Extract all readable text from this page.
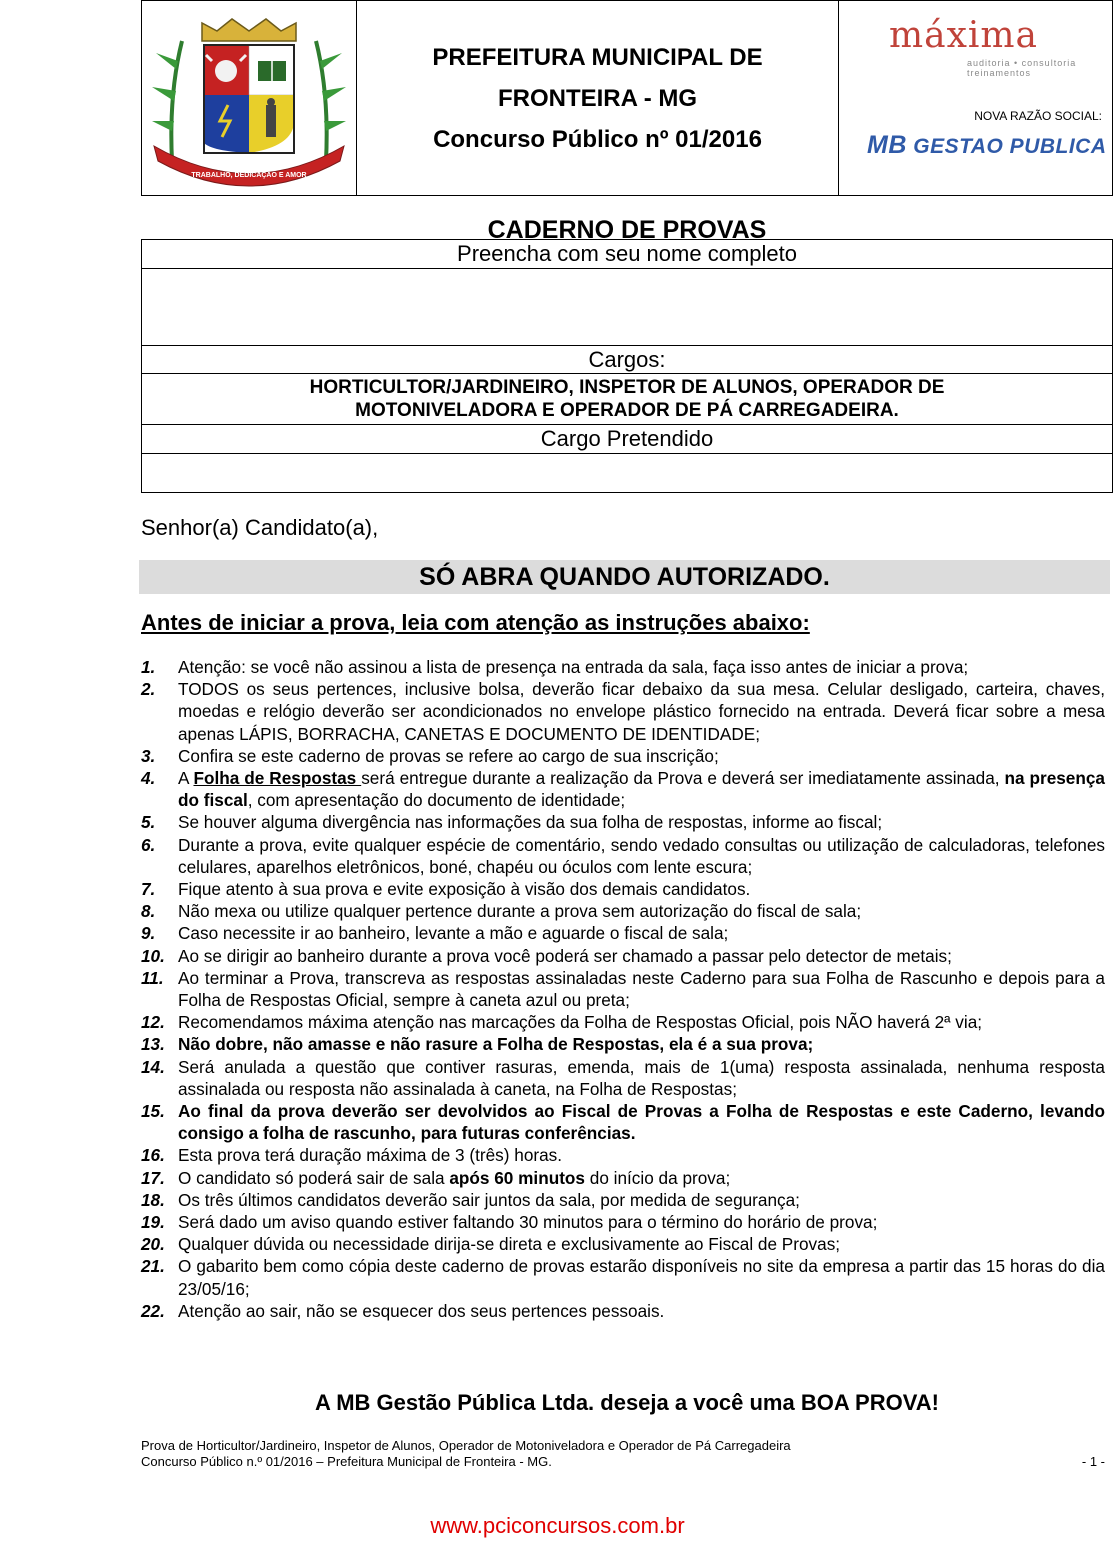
TRABALHO, DEDICAÇÃO E AMOR
PREFEITURA MUNICIPAL DE
FRONTEIRA - MG
Concurso Público nº 01/2016
máxima
auditoria • consultoria
treinamentos
NOVA RAZÃO SOCIAL:
MB GESTAO PUBLICA
CADERNO DE PROVAS
Preencha com seu nome completo

Cargos:

HORTICULTOR/JARDINEIRO, INSPETOR DE ALUNOS, OPERADOR DE
MOTONIVELADORA E OPERADOR DE PÁ CARREGADEIRA.

Cargo Pretendido

Senhor(a) Candidato(a),
SÓ ABRA QUANDO AUTORIZADO.
Antes de iniciar a prova, leia com atenção as instruções abaixo:
1.	Atenção: se você não assinou a lista de presença na entrada da sala, faça isso antes de iniciar a prova;
2.	TODOS os seus pertences, inclusive bolsa, deverão ficar debaixo da sua mesa. Celular desligado, carteira, chaves, moedas e relógio deverão ser acondicionados no envelope plástico fornecido na entrada. Deverá ficar sobre a mesa apenas LÁPIS, BORRACHA, CANETAS E DOCUMENTO DE IDENTIDADE;
3.	Confira se este caderno de provas se refere ao cargo de sua inscrição;
4.	A Folha de Respostas será entregue durante a realização da Prova e deverá ser imediatamente assinada, na presença do fiscal, com apresentação do documento de identidade;
5.	Se houver alguma divergência nas informações da sua folha de respostas, informe ao fiscal;
6.	Durante a prova, evite qualquer espécie de comentário, sendo vedado consultas ou utilização de calculadoras, telefones celulares, aparelhos eletrônicos, boné, chapéu ou óculos com lente escura;
7.	Fique atento à sua prova e evite exposição à visão dos demais candidatos.
8.	Não mexa ou utilize qualquer pertence durante a prova sem autorização do fiscal de sala;
9.	Caso necessite ir ao banheiro, levante a mão e aguarde o fiscal de sala;
10. Ao se dirigir ao banheiro durante a prova você poderá ser chamado a passar pelo detector de metais;
11. Ao terminar a Prova, transcreva as respostas assinaladas neste Caderno para sua Folha de Rascunho e depois para a Folha de Respostas Oficial, sempre à caneta azul ou preta;
12. Recomendamos máxima atenção nas marcações da Folha de Respostas Oficial, pois NÃO haverá 2ª via;
13. Não dobre, não amasse e não rasure a Folha de Respostas, ela é a sua prova;
14. Será anulada a questão que contiver rasuras, emenda, mais de 1(uma) resposta assinalada, nenhuma resposta assinalada ou resposta não assinalada à caneta, na Folha de Respostas;
15. Ao final da prova deverão ser devolvidos ao Fiscal de Provas a Folha de Respostas e este Caderno, levando consigo a folha de rascunho, para futuras conferências.
16. Esta prova terá duração máxima de 3 (três) horas.
17. O candidato só poderá sair de sala após 60 minutos do início da prova;
18. Os três últimos candidatos deverão sair juntos da sala, por medida de segurança;
19. Será dado um aviso quando estiver faltando 30 minutos para o término do horário de prova;
20. Qualquer dúvida ou necessidade dirija-se direta e exclusivamente ao Fiscal de Provas;
21. O gabarito bem como cópia deste caderno de provas estarão disponíveis no site da empresa a partir das 15 horas do dia 23/05/16;
22. Atenção ao sair, não se esquecer dos seus pertences pessoais.
A MB Gestão Pública Ltda. deseja a você uma BOA PROVA!
Prova de Horticultor/Jardineiro, Inspetor de Alunos, Operador de Motoniveladora e Operador de Pá Carregadeira
Concurso Público n.º 01/2016 – Prefeitura Municipal de Fronteira - MG.	- 1 -
www.pciconcursos.com.br
